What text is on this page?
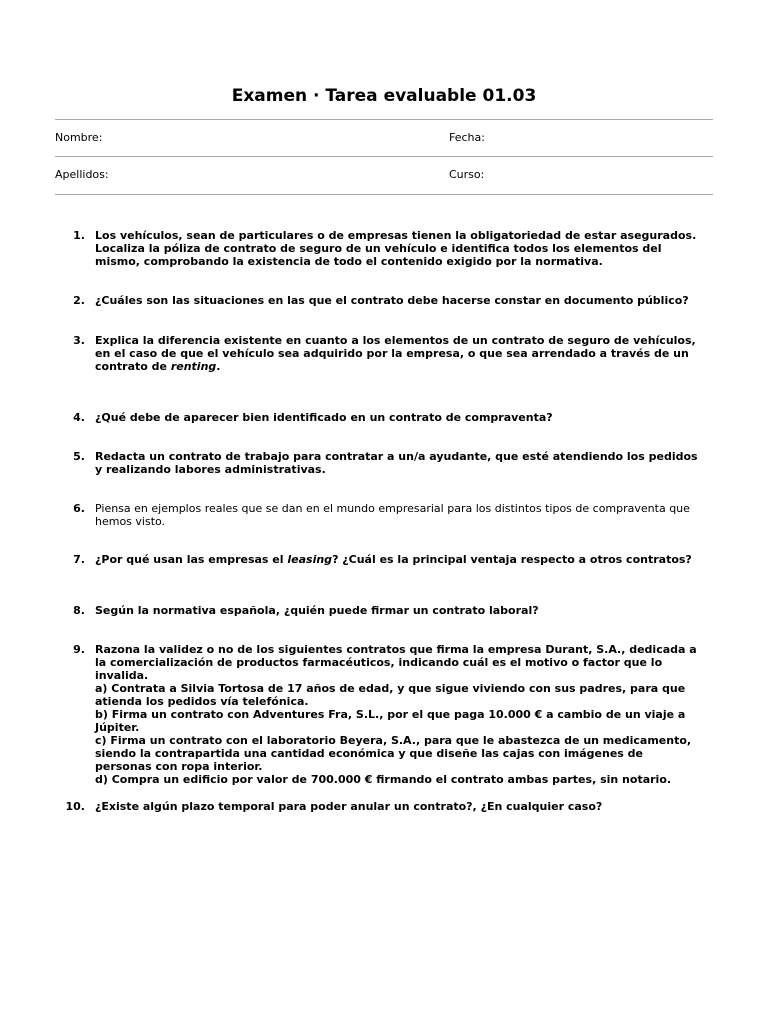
Examen · Tarea evaluable 01.03
Nombre:	Fecha:
Apellidos:	Curso:
1. Los vehículos, sean de particulares o de empresas tienen la obligatoriedad de estar asegurados. Localiza la póliza de contrato de seguro de un vehículo e identifica todos los elementos del mismo, comprobando la existencia de todo el contenido exigido por la normativa.
2. ¿Cuáles son las situaciones en las que el contrato debe hacerse constar en documento público?
3. Explica la diferencia existente en cuanto a los elementos de un contrato de seguro de vehículos, en el caso de que el vehículo sea adquirido por la empresa, o que sea arrendado a través de un contrato de renting.
4. ¿Qué debe de aparecer bien identificado en un contrato de compraventa?
5. Redacta un contrato de trabajo para contratar a un/a ayudante, que esté atendiendo los pedidos y realizando labores administrativas.
6. Piensa en ejemplos reales que se dan en el mundo empresarial para los distintos tipos de compraventa que hemos visto.
7. ¿Por qué usan las empresas el leasing? ¿Cuál es la principal ventaja respecto a otros contratos?
8. Según la normativa española, ¿quién puede firmar un contrato laboral?
9. Razona la validez o no de los siguientes contratos que firma la empresa Durant, S.A., dedicada a la comercialización de productos farmacéuticos, indicando cuál es el motivo o factor que lo invalida.
a) Contrata a Silvia Tortosa de 17 años de edad, y que sigue viviendo con sus padres, para que atienda los pedidos vía telefónica.
b) Firma un contrato con Adventures Fra, S.L., por el que paga 10.000 € a cambio de un viaje a Júpiter.
c) Firma un contrato con el laboratorio Beyera, S.A., para que le abastezca de un medicamento, siendo la contrapartida una cantidad económica y que diseñe las cajas con imágenes de personas con ropa interior.
d) Compra un edificio por valor de 700.000 € firmando el contrato ambas partes, sin notario.
10. ¿Existe algún plazo temporal para poder anular un contrato?, ¿En cualquier caso?
